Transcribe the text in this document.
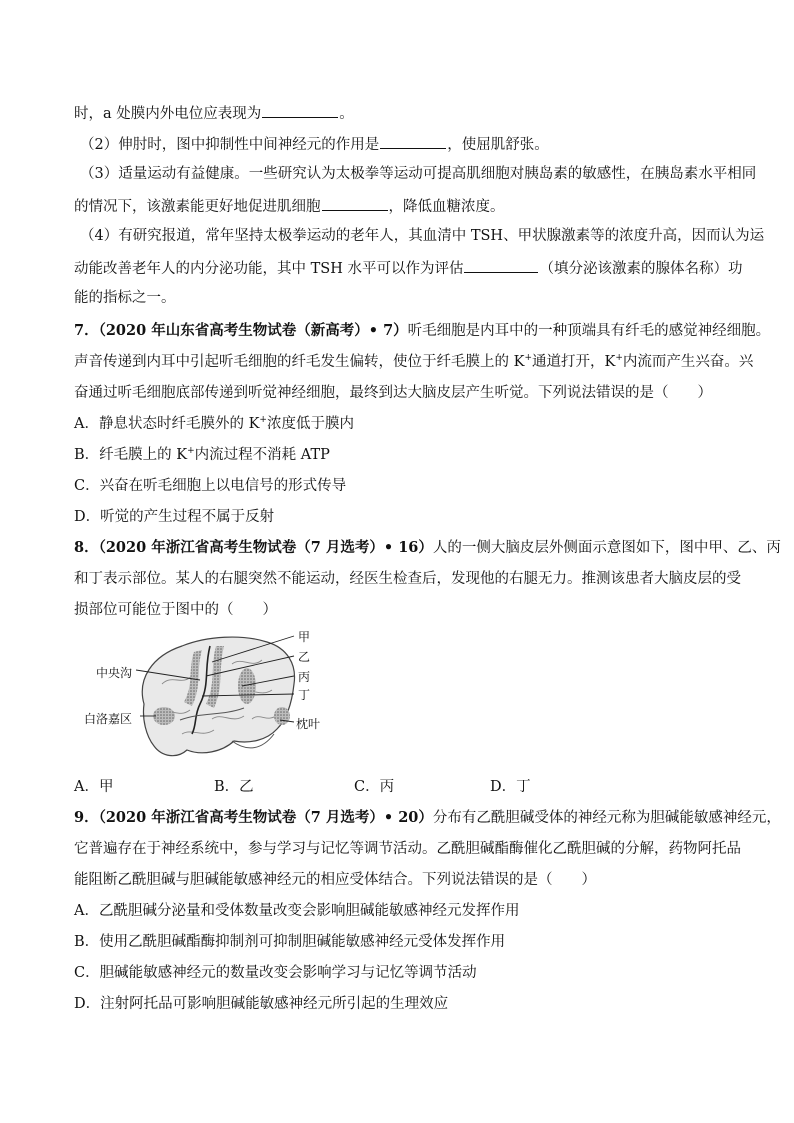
时，a 处膜内外电位应表现为	。
（2）伸肘时，图中抑制性中间神经元的作用是	，使屈肌舒张。
（3）适量运动有益健康。一些研究认为太极拳等运动可提高肌细胞对胰岛素的敏感性，在胰岛素水平相同
的情况下，该激素能更好地促进肌细胞	，降低血糖浓度。
（4）有研究报道，常年坚持太极拳运动的老年人，其血清中 TSH、甲状腺激素等的浓度升高，因而认为运
动能改善老年人的内分泌功能，其中 TSH 水平可以作为评估	（填分泌该激素的腺体名称）功
能的指标之一。
7．（2020 年山东省高考生物试卷（新高考）• 7）听毛细胞是内耳中的一种顶端具有纤毛的感觉神经细胞。
声音传递到内耳中引起听毛细胞的纤毛发生偏转，使位于纤毛膜上的 K+通道打开，K+内流而产生兴奋。兴
奋通过听毛细胞底部传递到听觉神经细胞，最终到达大脑皮层产生听觉。下列说法错误的是（　　）
A．静息状态时纤毛膜外的 K+浓度低于膜内
B．纤毛膜上的 K+内流过程不消耗 ATP
C．兴奋在听毛细胞上以电信号的形式传导
D．听觉的产生过程不属于反射
8．（2020 年浙江省高考生物试卷（7 月选考）• 16）人的一侧大脑皮层外侧面示意图如下，图中甲、乙、丙
和丁表示部位。某人的右腿突然不能运动，经医生检查后，发现他的右腿无力。推测该患者大脑皮层的受
损部位可能位于图中的（　　）
甲
乙
丙
丁
中央沟
白洛嘉区	枕叶
A．甲	B．乙	C．丙	D．丁
9．（2020 年浙江省高考生物试卷（7 月选考）• 20）分布有乙酰胆碱受体的神经元称为胆碱能敏感神经元，
它普遍存在于神经系统中，参与学习与记忆等调节活动。乙酰胆碱酯酶催化乙酰胆碱的分解，药物阿托品
能阻断乙酰胆碱与胆碱能敏感神经元的相应受体结合。下列说法错误的是（　　）
A．乙酰胆碱分泌量和受体数量改变会影响胆碱能敏感神经元发挥作用
B．使用乙酰胆碱酯酶抑制剂可抑制胆碱能敏感神经元受体发挥作用
C．胆碱能敏感神经元的数量改变会影响学习与记忆等调节活动
D．注射阿托品可影响胆碱能敏感神经元所引起的生理效应
